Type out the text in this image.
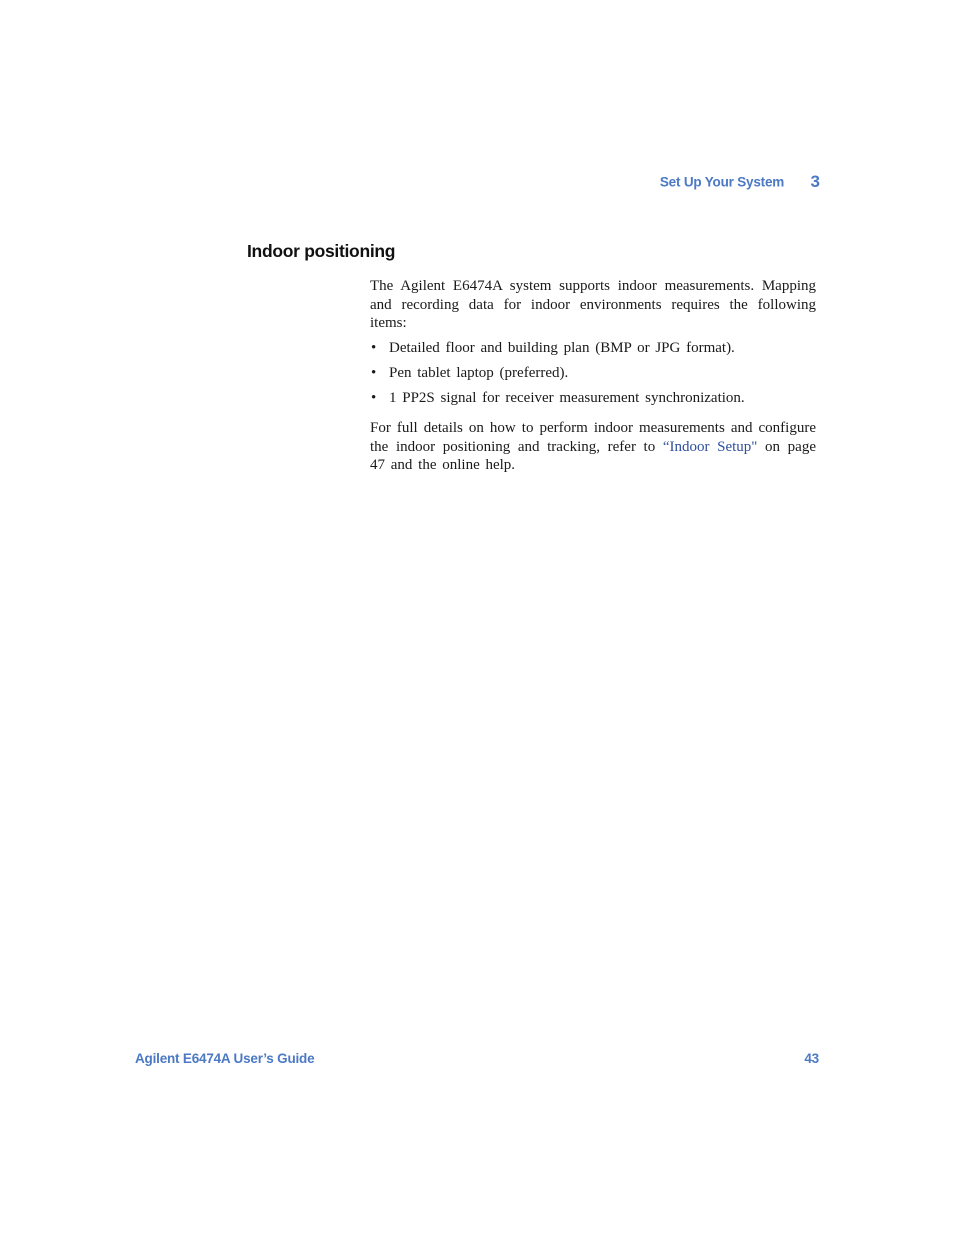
Set Up Your System 3
Indoor positioning

The Agilent E6474A system supports indoor measurements. Mapping and recording data for indoor environments requires the following items:

• Detailed floor and building plan (BMP or JPG format).
• Pen tablet laptop (preferred).
• 1 PP2S signal for receiver measurement synchronization.

For full details on how to perform indoor measurements and configure the indoor positioning and tracking, refer to “Indoor Setup" on page 47 and the online help.

Agilent E6474A User’s Guide	43
